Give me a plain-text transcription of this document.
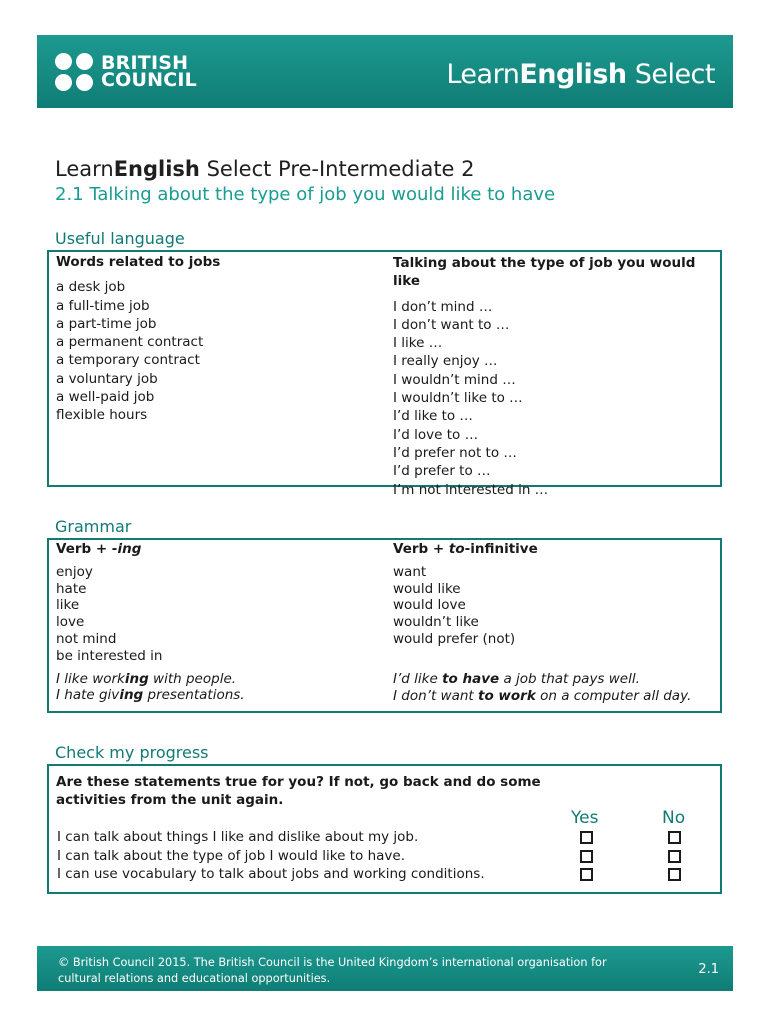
BRITISH
COUNCIL	LearnEnglish Select
LearnEnglish Select Pre-Intermediate 2
2.1 Talking about the type of job you would like to have
Useful language
Words related to jobs
a desk job
a full-time job
a part-time job
a permanent contract
a temporary contract
a voluntary job
a well-paid job
flexible hours
Talking about the type of job you would like
I don’t mind …
I don’t want to …
I like …
I really enjoy …
I wouldn’t mind …
I wouldn’t like to …
I’d like to …
I’d love to …
I’d prefer not to …
I’d prefer to …
I’m not interested in …
Grammar
Verb + -ing
enjoy
hate
like
love
not mind
be interested in
I like working with people.
I hate giving presentations.
Verb + to-infinitive
want
would like
would love
wouldn’t like
would prefer (not)
I’d like to have a job that pays well.
I don’t want to work on a computer all day.
Check my progress
Are these statements true for you? If not, go back and do some activities from the unit again.
Yes	No
I can talk about things I like and dislike about my job.
I can talk about the type of job I would like to have.
I can use vocabulary to talk about jobs and working conditions.
© British Council 2015. The British Council is the United Kingdom’s international organisation for cultural relations and educational opportunities.
2.1
